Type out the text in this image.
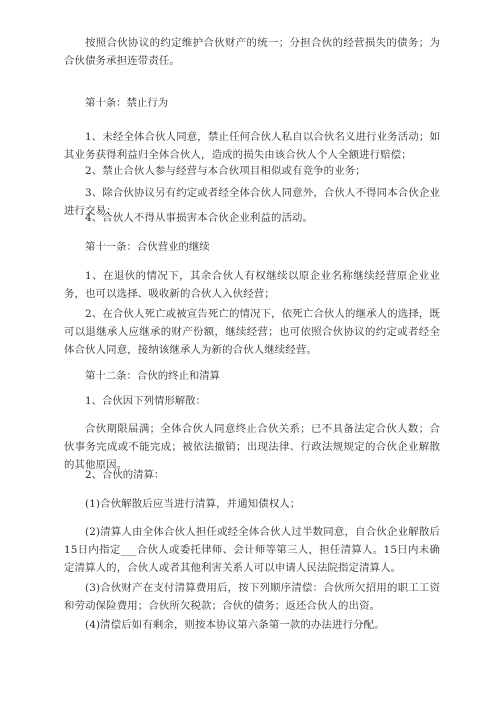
按照合伙协议的约定维护合伙财产的统一；分担合伙的经营损失的债务；为合伙债务承担连带责任。

第十条：禁止行为

1、未经全体合伙人同意，禁止任何合伙人私自以合伙名义进行业务活动；如其业务获得利益归全体合伙人，造成的损失由该合伙人个人全额进行赔偿；

2、禁止合伙人参与经营与本合伙项目相似或有竞争的业务；

3、除合伙协议另有约定或者经全体合伙人同意外，合伙人不得同本合伙企业进行交易；

4、合伙人不得从事损害本合伙企业利益的活动。

第十一条：合伙营业的继续

1、在退伙的情况下，其余合伙人有权继续以原企业名称继续经营原企业业务，也可以选择、吸收新的合伙人入伙经营；

2、在合伙人死亡或被宣告死亡的情况下，依死亡合伙人的继承人的选择，既可以退继承人应继承的财产份额，继续经营；也可依照合伙协议的约定或者经全体合伙人同意，接纳该继承人为新的合伙人继续经营。

第十二条：合伙的终止和清算

1、合伙因下列情形解散：

合伙期限届满；全体合伙人同意终止合伙关系；已不具备法定合伙人数；合伙事务完成或不能完成；被依法撤销；出现法律、行政法规规定的合伙企业解散的其他原因。

2、合伙的清算：

(1)合伙解散后应当进行清算，并通知债权人；

(2)清算人由全体合伙人担任或经全体合伙人过半数同意，自合伙企业解散后15日内指定___合伙人或委托律师、会计师等第三人，担任清算人。15日内未确定清算人的，合伙人或者其他利害关系人可以申请人民法院指定清算人。

(3)合伙财产在支付清算费用后，按下列顺序清偿：合伙所欠招用的职工工资和劳动保险费用；合伙所欠税款；合伙的债务；返还合伙人的出资。

(4)清偿后如有剩余，则按本协议第六条第一款的办法进行分配。
